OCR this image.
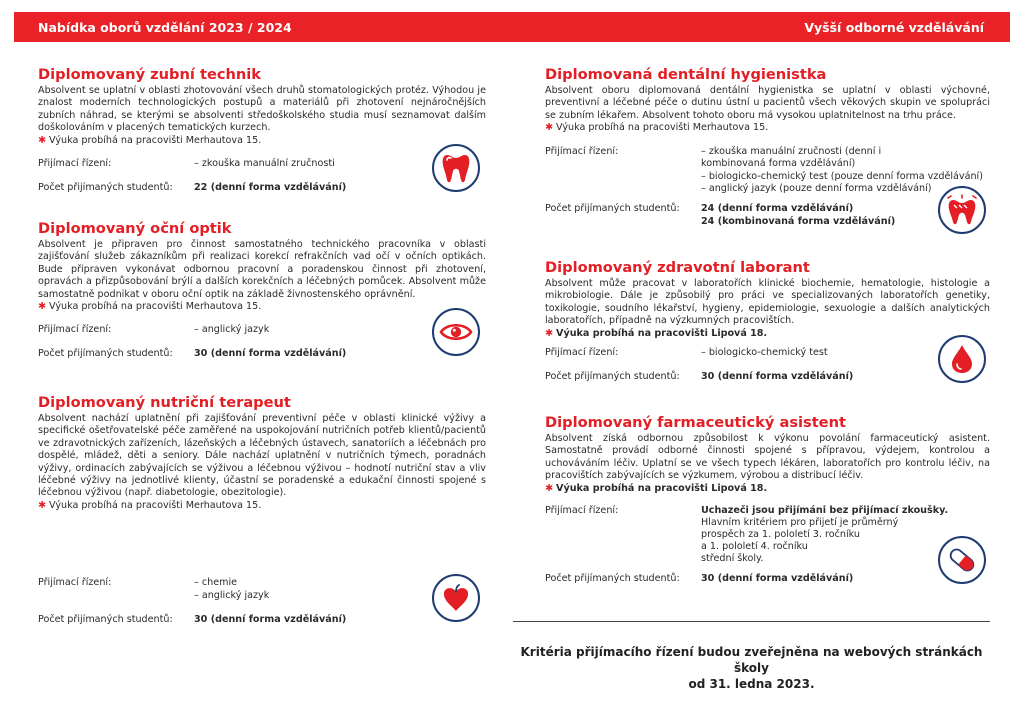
Nabídka oborů vzdělání 2023 / 2024	Vyšší odborné vzdělávání
Diplomovaný zubní technik
Absolvent se uplatní v oblasti zhotovování všech druhů stomatologických protéz. Výhodou je znalost moderních technologických postupů a materiálů při zhotovení nejnáročnějších zubních náhrad, se kterými se absolventi středoškolského studia musí seznamovat dalším doškolováním v placených tematických kurzech.
✱ Výuka probíhá na pracovišti Merhautova 15.
Přijímací řízení:	– zkouška manuální zručnosti
Počet přijímaných studentů: 22 (denní forma vzdělávání)
Diplomovaný oční optik
Absolvent je připraven pro činnost samostatného technického pracovníka v oblasti zajišťování služeb zákazníkům při realizaci korekcí refrakčních vad očí v očních optikách. Bude připraven vykonávat odbornou pracovní a poradenskou činnost při zhotovení, opravách a přizpůsobování brýlí a dalších korekčních a léčebných pomůcek. Absolvent může samostatně podnikat v oboru oční optik na základě živnostenského oprávnění.
✱ Výuka probíhá na pracovišti Merhautova 15.
Přijímací řízení:	– anglický jazyk
Počet přijímaných studentů: 30 (denní forma vzdělávání)
Diplomovaný nutriční terapeut
Absolvent nachází uplatnění při zajišťování preventivní péče v oblasti klinické výživy a specifické ošetřovatelské péče zaměřené na uspokojování nutričních potřeb klientů/pacientů ve zdravotnických zařízeních, lázeňských a léčebných ústavech, sanatoriích a léčebnách pro dospělé, mládež, děti a seniory. Dále nachází uplatnění v nutričních týmech, poradnách výživy, ordinacích zabývajících se výživou a léčebnou výživou – hodnotí nutriční stav a vliv léčebné výživy na jednotlivé klienty, účastní se poradenské a edukační činnosti spojené s léčebnou výživou (např. diabetologie, obezitologie).
✱ Výuka probíhá na pracovišti Merhautova 15.
Přijímací řízení:	– chemie
– anglický jazyk
Počet přijímaných studentů: 30 (denní forma vzdělávání)
Diplomovaná dentální hygienistka
Absolvent oboru diplomovaná dentální hygienistka se uplatní v oblasti výchovné, preventivní a léčebné péče o dutinu ústní u pacientů všech věkových skupin ve spolupráci se zubním lékařem. Absolvent tohoto oboru má vysokou uplatnitelnost na trhu práce.
✱ Výuka probíhá na pracovišti Merhautova 15.
Přijímací řízení:	– zkouška manuální zručnosti (denní i kombinovaná forma vzdělávání)
– biologicko-chemický test (pouze denní forma vzdělávání)
– anglický jazyk (pouze denní forma vzdělávání)
Počet přijímaných studentů: 24 (denní forma vzdělávání)
24 (kombinovaná forma vzdělávání)
Diplomovaný zdravotní laborant
Absolvent může pracovat v laboratořích klinické biochemie, hematologie, histologie a mikrobiologie. Dále je způsobilý pro práci ve specializovaných laboratořích genetiky, toxikologie, soudního lékařství, hygieny, epidemiologie, sexuologie a dalších analytických laboratořích, případně na výzkumných pracovištích.
✱ Výuka probíhá na pracovišti Lipová 18.
Přijímací řízení:	– biologicko-chemický test
Počet přijímaných studentů: 30 (denní forma vzdělávání)
Diplomovaný farmaceutický asistent
Absolvent získá odbornou způsobilost k výkonu povolání farmaceutický asistent. Samostatně provádí odborné činnosti spojené s přípravou, výdejem, kontrolou a uchováváním léčiv. Uplatní se ve všech typech lékáren, laboratořích pro kontrolu léčiv, na pracovištích zabývajících se výzkumem, výrobou a distribucí léčiv.
✱ Výuka probíhá na pracovišti Lipová 18.
Přijímací řízení:	Uchazeči jsou přijímáni bez přijímací zkoušky.
Hlavním kritériem pro přijetí je průměrný
prospěch za 1. pololetí 3. ročníku
a 1. pololetí 4. ročníku
střední školy.
Počet přijímaných studentů: 30 (denní forma vzdělávání)
Kritéria přijímacího řízení budou zveřejněna na webových stránkách školy
od 31. ledna 2023.
